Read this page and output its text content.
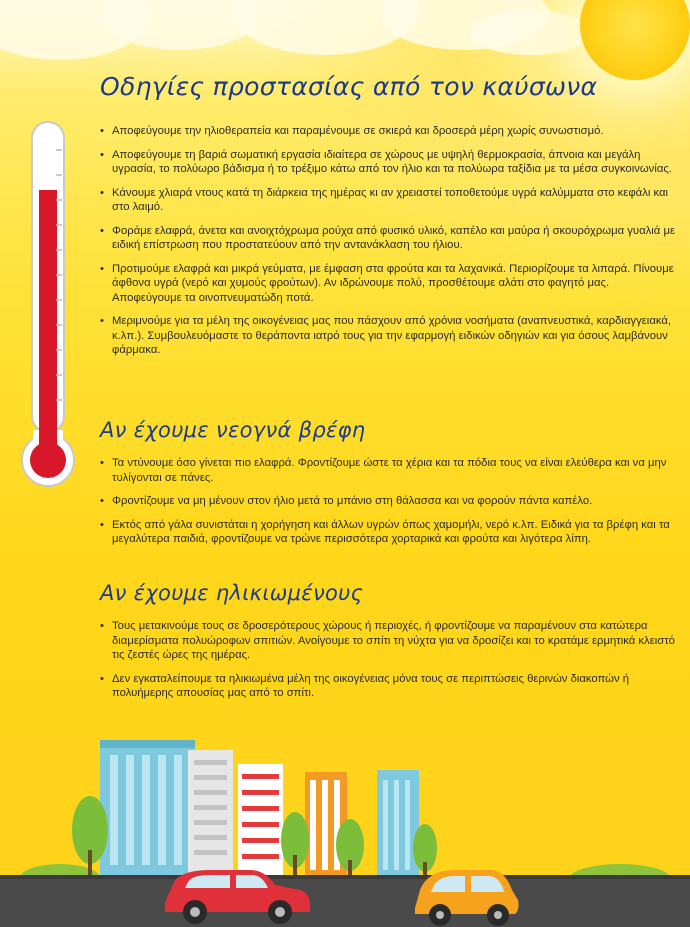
Οδηγίες προστασίας από τον καύσωνα
• Αποφεύγουμε την ηλιοθεραπεία και παραμένουμε σε σκιερά και δροσερά μέρη χωρίς συνωστισμό.
• Αποφεύγουμε τη βαριά σωματική εργασία ιδιαίτερα σε χώρους με υψηλή θερμοκρασία, άπνοια και μεγάλη υγρασία, το πολύωρο βάδισμα ή το τρέξιμο κάτω από τον ήλιο και τα πολύωρα ταξίδια με τα μέσα συγκοινωνίας.
• Κάνουμε χλιαρά ντους κατά τη διάρκεια της ημέρας κι αν χρειαστεί τοποθετούμε υγρά καλύμματα στο κεφάλι και στο λαιμό.
• Φοράμε ελαφρά, άνετα και ανοιχτόχρωμα ρούχα από φυσικό υλικό, καπέλο και μαύρα ή σκουρόχρωμα γυαλιά με ειδική επίστρωση που προστατεύουν από την αντανάκλαση του ήλιου.
• Προτιμούμε ελαφρά και μικρά γεύματα, με έμφαση στα φρούτα και τα λαχανικά. Περιορίζουμε τα λιπαρά. Πίνουμε άφθονα υγρά (νερό και χυμούς φρούτων). Αν ιδρώνουμε πολύ, προσθέτουμε αλάτι στο φαγητό μας. Αποφεύγουμε τα οινοπνευματώδη ποτά.
• Μεριμνούμε για τα μέλη της οικογένειας μας που πάσχουν από χρόνια νοσήματα (αναπνευστικά, καρδιαγγειακά, κ.λπ.). Συμβουλευόμαστε το θεράποντα ιατρό τους για την εφαρμογή ειδικών οδηγιών και για όσους λαμβάνουν φάρμακα.
Αν έχουμε νεογνά βρέφη
• Τα ντύνουμε όσο γίνεται πιο ελαφρά. Φροντίζουμε ώστε τα χέρια και τα πόδια τους να είναι ελεύθερα και να μην τυλίγονται σε πάνες.
• Φροντίζουμε να μη μένουν στον ήλιο μετά το μπάνιο στη θάλασσα και να φορούν πάντα καπέλο.
• Εκτός από γάλα συνιστάται η χορήγηση και άλλων υγρών όπως χαμομήλι, νερό κ.λπ. Ειδικά για τα βρέφη και τα μεγαλύτερα παιδιά, φροντίζουμε να τρώνε περισσότερα χορταρικά και φρούτα και λιγότερα λίπη.
Αν έχουμε ηλικιωμένους
• Τους μετακινούμε τους σε δροσερότερους χώρους ή περιοχές, ή φροντίζουμε να παραμένουν στα κατώτερα διαμερίσματα πολυώροφων σπιτιών. Ανοίγουμε το σπίτι τη νύχτα για να δροσίζει και το κρατάμε ερμητικά κλειστό τις ζεστές ώρες της ημέρας.
• Δεν εγκαταλείπουμε τα ηλικιωμένα μέλη της οικογένειας μόνα τους σε περιπτώσεις θερινών διακοπών ή πολυήμερης απουσίας μας από το σπίτι.
